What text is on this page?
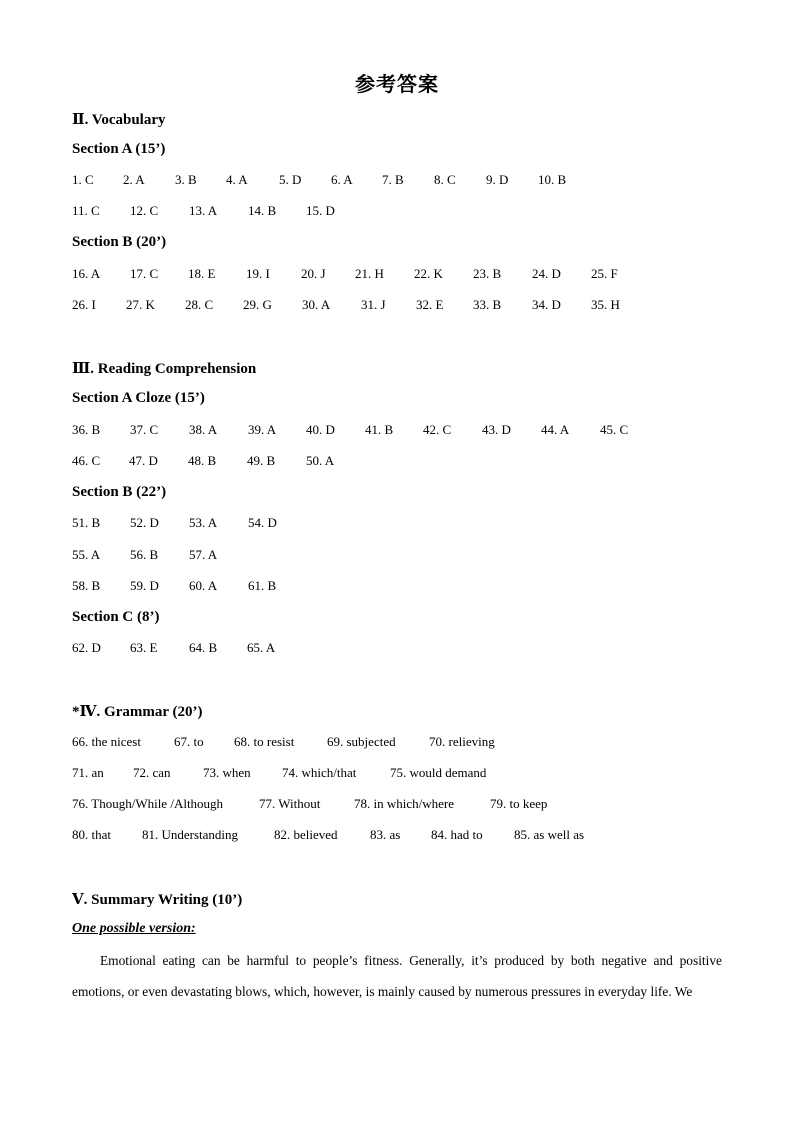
参考答案
Ⅱ. Vocabulary
Section A (15’)
1. C 2. A 3. B 4. A 5. D 6. A 7. B 8. C 9. D 10. B
11. C 12. C 13. A 14. B 15. D
Section B (20’)
16. A 17. C 18. E 19. I 20. J 21. H 22. K 23. B 24. D 25. F
26. I 27. K 28. C 29. G 30. A 31. J 32. E 33. B 34. D 35. H
Ⅲ. Reading Comprehension
Section A Cloze (15’)
36. B 37. C 38. A 39. A 40. D 41. B 42. C 43. D 44. A 45. C
46. C 47. D 48. B 49. B 50. A
Section B (22’)
51. B 52. D 53. A 54. D
55. A 56. B 57. A
58. B 59. D 60. A 61. B
Section C (8’)
62. D 63. E 64. B 65. A
*Ⅳ. Grammar (20’)
66. the nicest	67. to 68. to resist	69. subjected	70. relieving
71. an 72. can 73. when 74. which/that	75. would demand
76. Though/While /Although	77. Without	78. in which/where	79. to keep
80. that 81. Understanding	82. believed 83. as 84. had to 85. as well as
Ⅴ. Summary Writing (10’)
One possible version:
Emotional eating can be harmful to people’s fitness. Generally, it’s produced by both negative and positive emotions, or even devastating blows, which, however, is mainly caused by numerous pressures in everyday life. We
